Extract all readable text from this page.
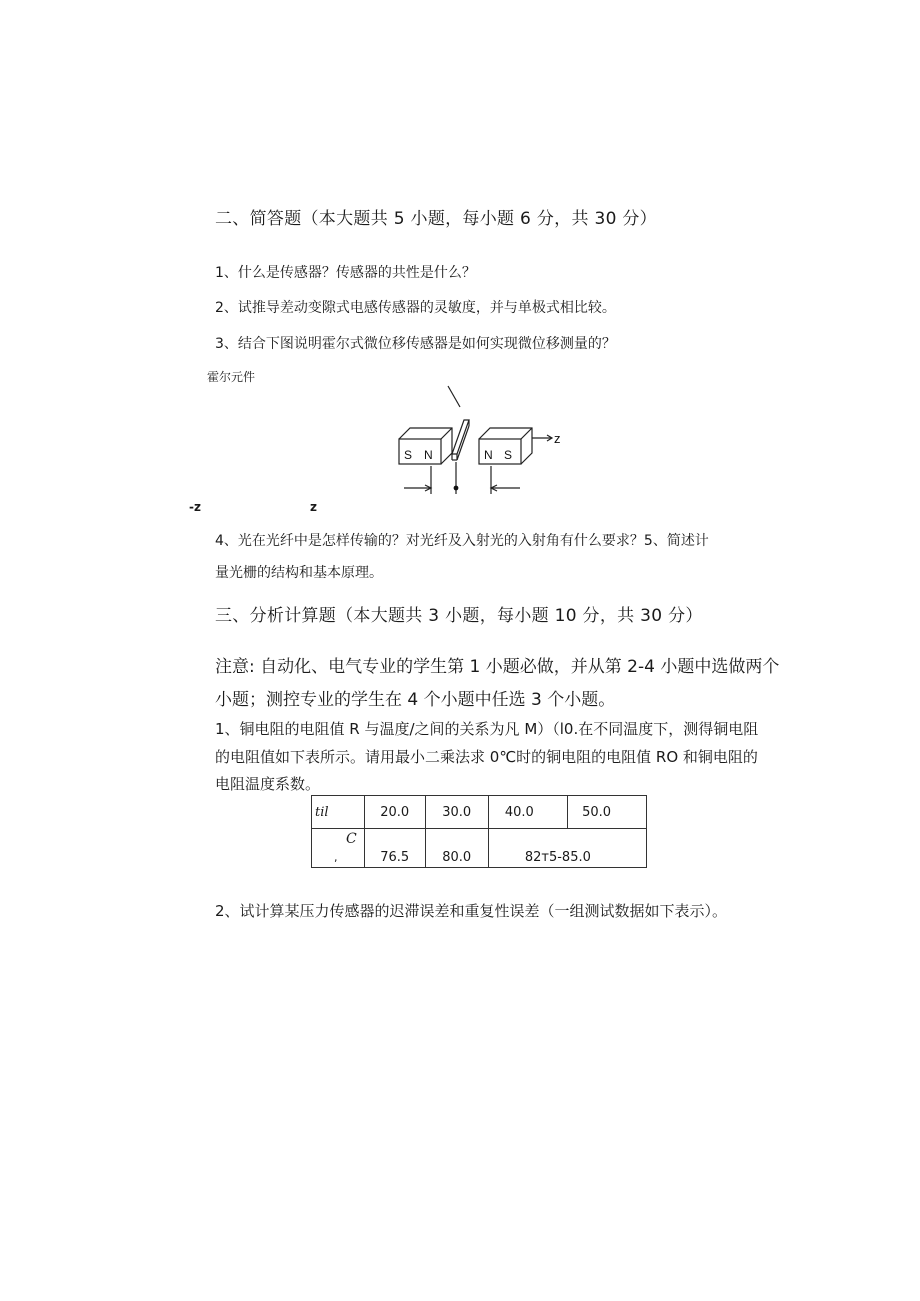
二、简答题（本大题共 5 小题，每小题 6 分，共 30 分）
1、什么是传感器？传感器的共性是什么？
2、试推导差动变隙式电感传感器的灵敏度，并与单极式相比较。
3、结合下图说明霍尔式微位移传感器是如何实现微位移测量的？
霍尔元件
S N	N S
z
-z	z
4、光在光纤中是怎样传输的？对光纤及入射光的入射角有什么要求？5、简述计
量光栅的结构和基本原理。
三、分析计算题（本大题共 3 小题，每小题 10 分，共 30 分）
注意: 自动化、电气专业的学生第 1 小题必做，并从第 2-4 小题中选做两个
小题；测控专业的学生在 4 个小题中任选 3 个小题。
1、铜电阻的电阻值 R 与温度/之间的关系为凡 M）（l0.在不同温度下，测得铜电阻
的电阻值如下表所示。请用最小二乘法求 0℃时的铜电阻的电阻值 RO 和铜电阻的
电阻温度系数。
til	20.0	30.0	40.0	50.0

C
,	76.5	80.0	82т5-85.0	
2、试计算某压力传感器的迟滞误差和重复性误差（一组测试数据如下表示）。
